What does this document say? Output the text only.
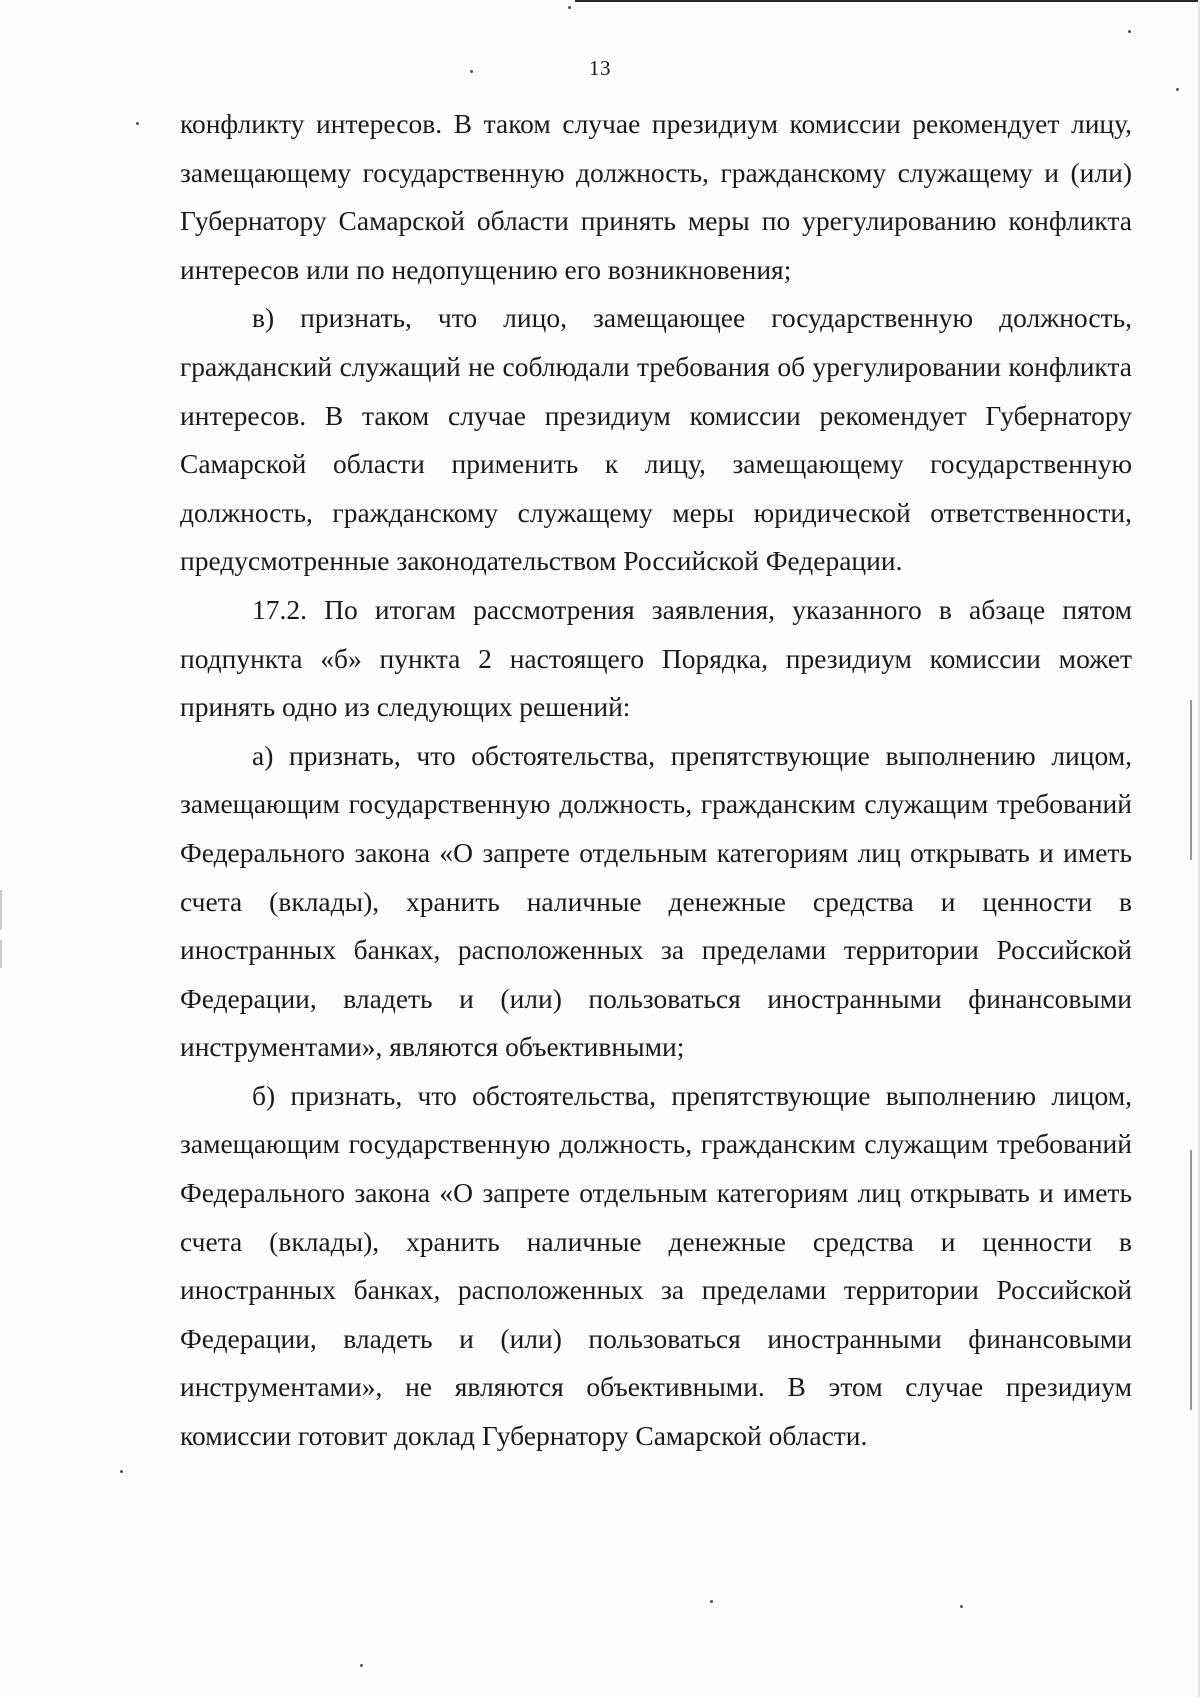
13

конфликту интересов. В таком случае президиум комиссии рекомендует лицу, замещающему государственную должность, гражданскому служащему и (или) Губернатору Самарской области принять меры по урегулированию конфликта интересов или по недопущению его возникновения;

в) признать, что лицо, замещающее государственную должность, гражданский служащий не соблюдали требования об урегулировании конфликта интересов. В таком случае президиум комиссии рекомендует Губернатору Самарской области применить к лицу, замещающему государственную должность, гражданскому служащему меры юридической ответственности, предусмотренные законодательством Российской Федерации.

17.2. По итогам рассмотрения заявления, указанного в абзаце пятом подпункта «б» пункта 2 настоящего Порядка, президиум комиссии может принять одно из следующих решений:

а) признать, что обстоятельства, препятствующие выполнению лицом, замещающим государственную должность, гражданским служащим требований Федерального закона «О запрете отдельным категориям лиц открывать и иметь счета (вклады), хранить наличные денежные средства и ценности в иностранных банках, расположенных за пределами территории Российской Федерации, владеть и (или) пользоваться иностранными финансовыми инструментами», являются объективными;

б) признать, что обстоятельства, препятствующие выполнению лицом, замещающим государственную должность, гражданским служащим требований Федерального закона «О запрете отдельным категориям лиц открывать и иметь счета (вклады), хранить наличные денежные средства и ценности в иностранных банках, расположенных за пределами территории Российской Федерации, владеть и (или) пользоваться иностранными финансовыми инструментами», не являются объективными. В этом случае президиум комиссии готовит доклад Губернатору Самарской области.
